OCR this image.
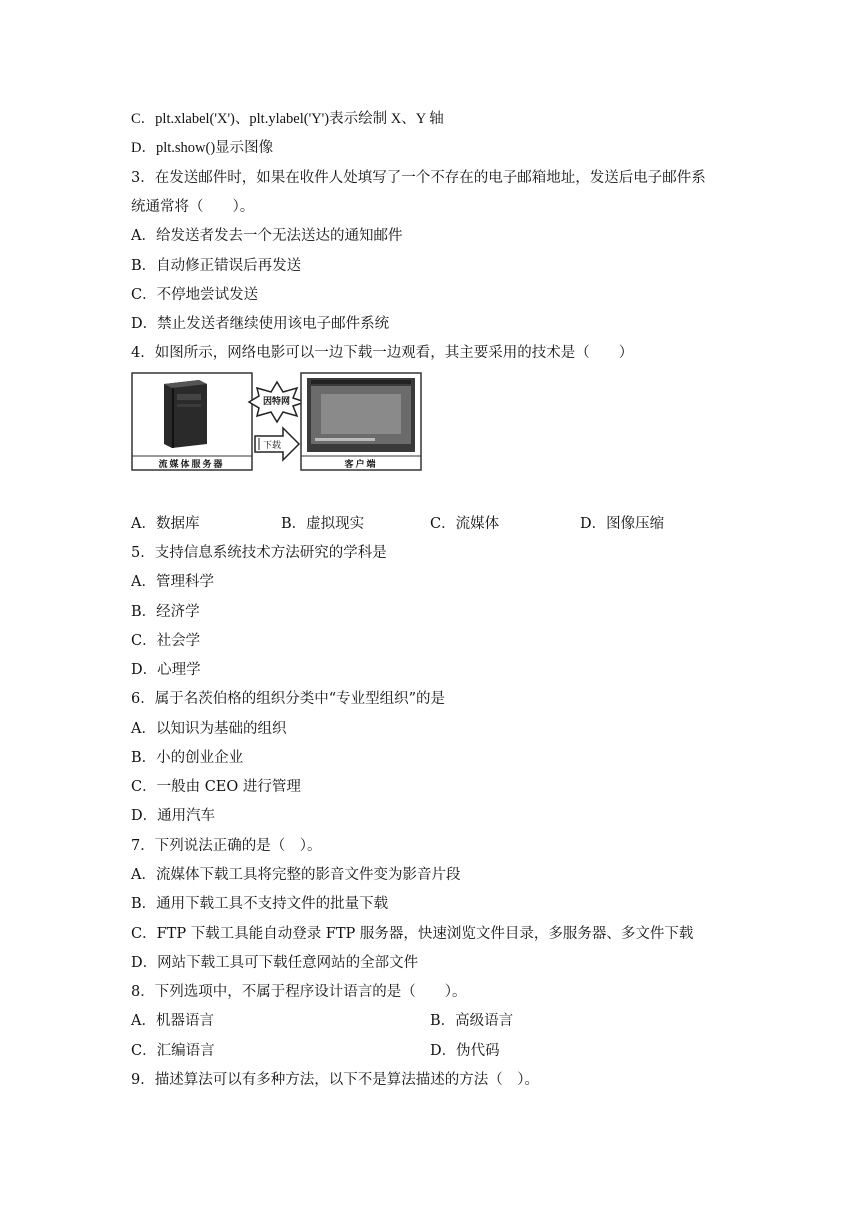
C．plt.xlabel('X')、plt.ylabel('Y')表示绘制 X、Y 轴
D．plt.show()显示图像
3．在发送邮件时，如果在收件人处填写了一个不存在的电子邮箱地址，发送后电子邮件系
统通常将（　　）。
A．给发送者发去一个无法送达的通知邮件
B．自动修正错误后再发送
C．不停地尝试发送
D．禁止发送者继续使用该电子邮件系统
4．如图所示，网络电影可以一边下载一边观看，其主要采用的技术是（　　）
因特网
下载
流媒体服务器	客户端
A．数据库	B．虚拟现实	C．流媒体	D．图像压缩
5．支持信息系统技术方法研究的学科是
A．管理科学
B．经济学
C．社会学
D．心理学
6．属于名茨伯格的组织分类中“专业型组织”的是
A．以知识为基础的组织
B．小的创业企业
C．一般由 CEO 进行管理
D．通用汽车
7．下列说法正确的是（　）。
A．流媒体下载工具将完整的影音文件变为影音片段
B．通用下载工具不支持文件的批量下载
C．FTP 下载工具能自动登录 FTP 服务器，快速浏览文件目录，多服务器、多文件下载
D．网站下载工具可下载任意网站的全部文件
8．下列选项中，不属于程序设计语言的是（　　）。
A．机器语言	B．高级语言
C．汇编语言	D．伪代码
9．描述算法可以有多种方法，以下不是算法描述的方法（　）。
